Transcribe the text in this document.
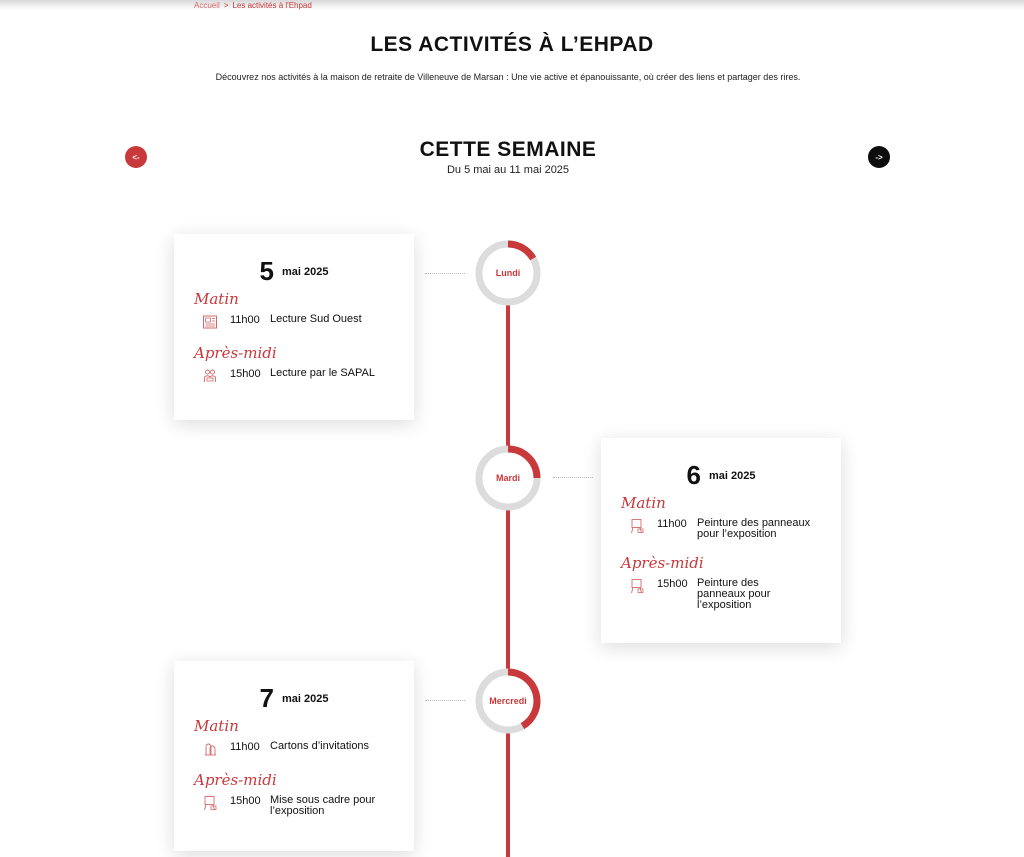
Accueil > Les activités à l'Ehpad
LES ACTIVITÉS À L’EHPAD
Découvrez nos activités à la maison de retraite de Villeneuve de Marsan : Une vie active et épanouissante, où créer des liens et partager des rires.
<-	CETTE SEMAINE
Du 5 mai au 11 mai 2025
->
Lundi
5 mai 2025
Matin
11h00 Lecture Sud Ouest
Après-midi
15h00 Lecture par le SAPAL
Mardi	6 mai 2025
Matin
11h00 Peinture des panneaux pour l’exposition
Après-midi
15h00 Peinture des panneaux pour l’exposition
Mercredi
7 mai 2025
Matin
11h00 Cartons d’invitations
Après-midi
15h00 Mise sous cadre pour l’exposition
